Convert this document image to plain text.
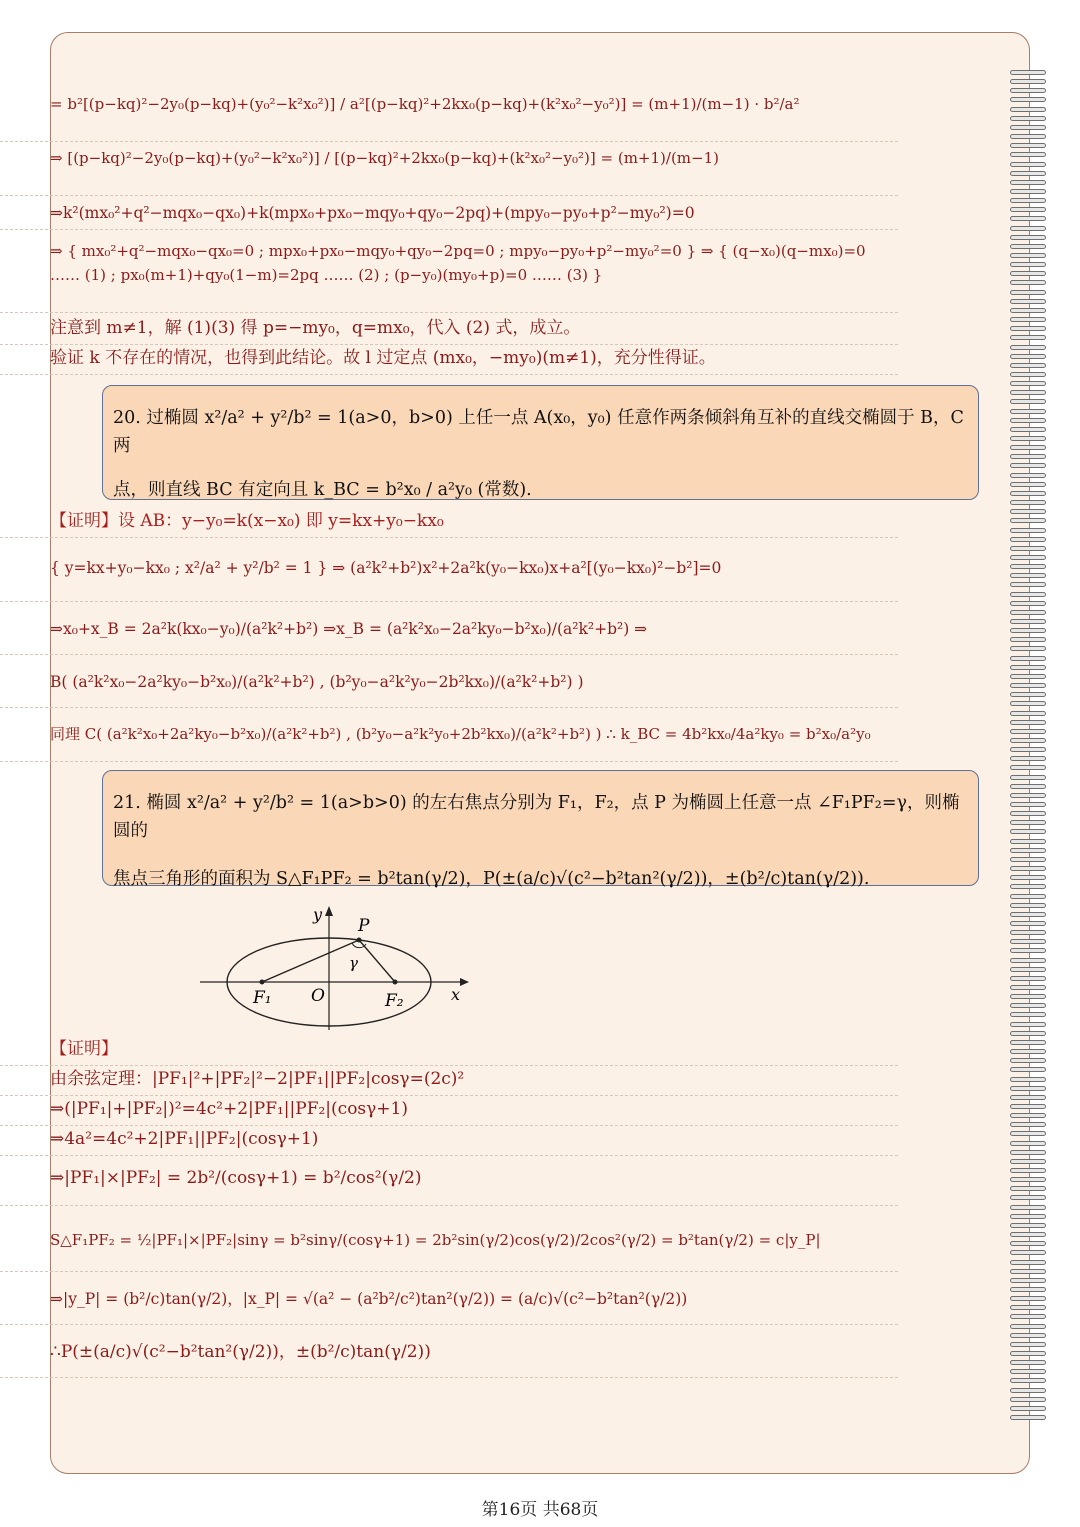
= b²[(p−kq)²−2y₀(p−kq)+(y₀²−k²x₀²)] / a²[(p−kq)²+2kx₀(p−kq)+(k²x₀²−y₀²)] = (m+1)/(m−1) · b²/a²
⇒ [(p−kq)²−2y₀(p−kq)+(y₀²−k²x₀²)] / [(p−kq)²+2kx₀(p−kq)+(k²x₀²−y₀²)] = (m+1)/(m−1)
⇒k²(mx₀²+q²−mqx₀−qx₀)+k(mpx₀+px₀−mqy₀+qy₀−2pq)+(mpy₀−py₀+p²−my₀²)=0
⇒ { mx₀²+q²−mqx₀−qx₀=0 ; mpx₀+px₀−mqy₀+qy₀−2pq=0 ; mpy₀−py₀+p²−my₀²=0 } ⇒ { (q−x₀)(q−mx₀)=0 …… (1) ; px₀(m+1)+qy₀(1−m)=2pq …… (2) ; (p−y₀)(my₀+p)=0 …… (3) }
注意到 m≠1，解 (1)(3) 得 p=−my₀，q=mx₀，代入 (2) 式，成立。
验证 k 不存在的情况，也得到此结论。故 l 过定点 (mx₀，−my₀)(m≠1)，充分性得证。

20. 过椭圆 x²/a² + y²/b² = 1(a>0，b>0) 上任一点 A(x₀，y₀) 任意作两条倾斜角互补的直线交椭圆于 B，C 两

点，则直线 BC 有定向且 k_BC = b²x₀ / a²y₀ (常数).

【证明】设 AB：y−y₀=k(x−x₀) 即 y=kx+y₀−kx₀
{ y=kx+y₀−kx₀ ; x²/a² + y²/b² = 1 } ⇒ (a²k²+b²)x²+2a²k(y₀−kx₀)x+a²[(y₀−kx₀)²−b²]=0
⇒x₀+x_B = 2a²k(kx₀−y₀)/(a²k²+b²) ⇒x_B = (a²k²x₀−2a²ky₀−b²x₀)/(a²k²+b²) ⇒
B( (a²k²x₀−2a²ky₀−b²x₀)/(a²k²+b²) , (b²y₀−a²k²y₀−2b²kx₀)/(a²k²+b²) )
同理 C( (a²k²x₀+2a²ky₀−b²x₀)/(a²k²+b²) , (b²y₀−a²k²y₀+2b²kx₀)/(a²k²+b²) ) ∴ k_BC = 4b²kx₀/4a²ky₀ = b²x₀/a²y₀

21. 椭圆 x²/a² + y²/b² = 1(a>b>0) 的左右焦点分别为 F₁，F₂，点 P 为椭圆上任意一点 ∠F₁PF₂=γ，则椭圆的

焦点三角形的面积为 S△F₁PF₂ = b²tan(γ/2)，P(±(a/c)√(c²−b²tan²(γ/2))，±(b²/c)tan(γ/2)).

y
x
P
γ
F₁ O	F₂
【证明】
由余弦定理：|PF₁|²+|PF₂|²−2|PF₁||PF₂|cosγ=(2c)²
⇒(|PF₁|+|PF₂|)²=4c²+2|PF₁||PF₂|(cosγ+1)
⇒4a²=4c²+2|PF₁||PF₂|(cosγ+1)
⇒|PF₁|×|PF₂| = 2b²/(cosγ+1) = b²/cos²(γ/2)
S△F₁PF₂ = ½|PF₁|×|PF₂|sinγ = b²sinγ/(cosγ+1) = 2b²sin(γ/2)cos(γ/2)/2cos²(γ/2) = b²tan(γ/2) = c|y_P|
⇒|y_P| = (b²/c)tan(γ/2)，|x_P| = √(a² − (a²b²/c²)tan²(γ/2)) = (a/c)√(c²−b²tan²(γ/2))
∴P(±(a/c)√(c²−b²tan²(γ/2))，±(b²/c)tan(γ/2))
第16页 共68页
